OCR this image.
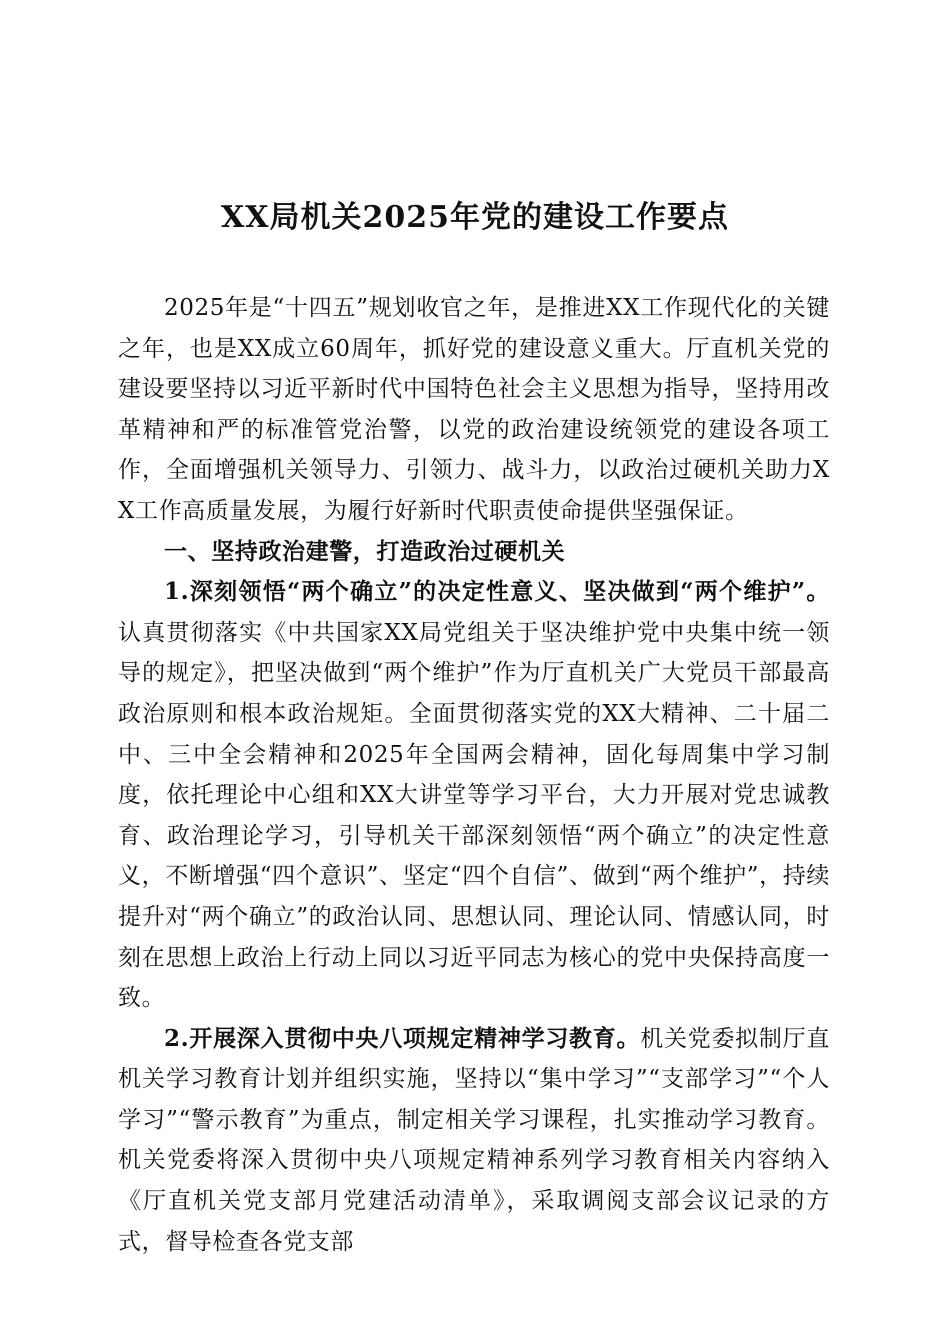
XX局机关2025年党的建设工作要点

2025年是“十四五”规划收官之年，是推进XX工作现代化的关键之年，也是XX成立60周年，抓好党的建设意义重大。厅直机关党的建设要坚持以习近平新时代中国特色社会主义思想为指导，坚持用改革精神和严的标准管党治警，以党的政治建设统领党的建设各项工作，全面增强机关领导力、引领力、战斗力，以政治过硬机关助力XX工作高质量发展，为履行好新时代职责使命提供坚强保证。

一、坚持政治建警，打造政治过硬机关

1.深刻领悟“两个确立”的决定性意义、坚决做到“两个维护”。认真贯彻落实《中共国家XX局党组关于坚决维护党中央集中统一领导的规定》，把坚决做到“两个维护”作为厅直机关广大党员干部最高政治原则和根本政治规矩。全面贯彻落实党的XX大精神、二十届二中、三中全会精神和2025年全国两会精神，固化每周集中学习制度，依托理论中心组和XX大讲堂等学习平台，大力开展对党忠诚教育、政治理论学习，引导机关干部深刻领悟“两个确立”的决定性意义，不断增强“四个意识”、坚定“四个自信”、做到“两个维护”，持续提升对“两个确立”的政治认同、思想认同、理论认同、情感认同，时刻在思想上政治上行动上同以习近平同志为核心的党中央保持高度一致。

2.开展深入贯彻中央八项规定精神学习教育。机关党委拟制厅直机关学习教育计划并组织实施，坚持以“集中学习”“支部学习”“个人学习”“警示教育”为重点，制定相关学习课程，扎实推动学习教育。机关党委将深入贯彻中央八项规定精神系列学习教育相关内容纳入《厅直机关党支部月党建活动清单》，采取调阅支部会议记录的方式，督导检查各党支部
